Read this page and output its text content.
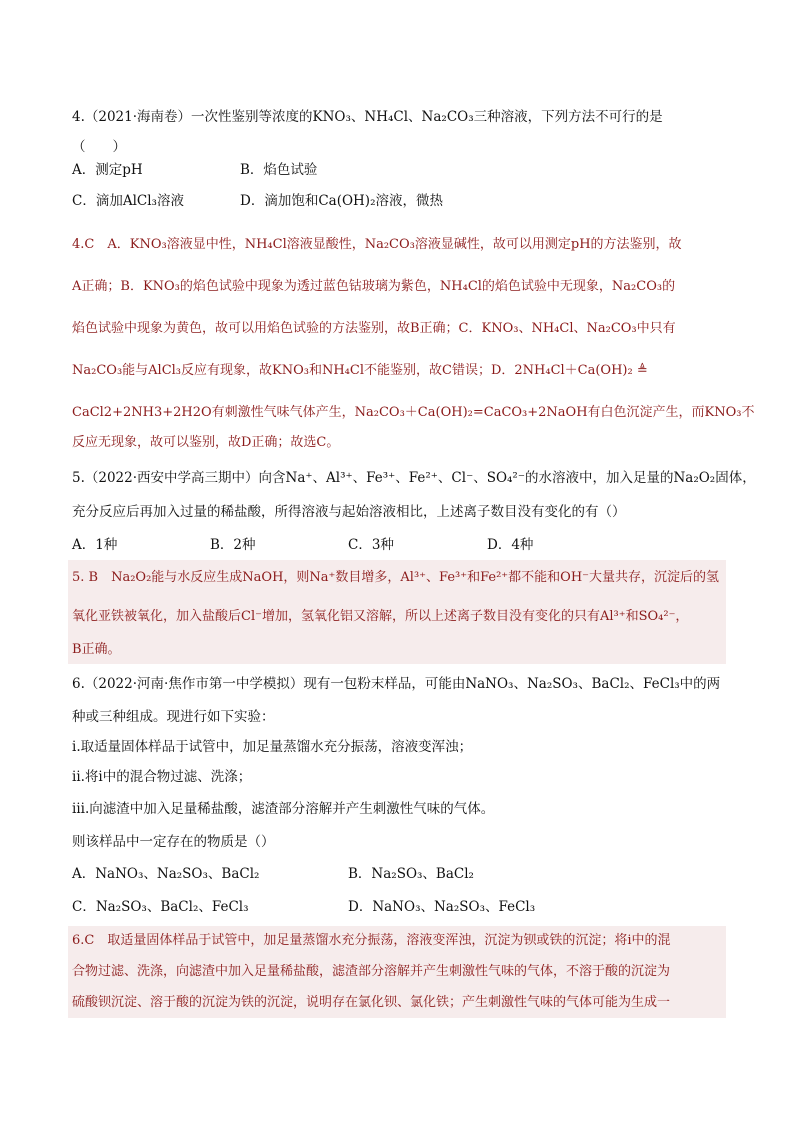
4.（2021·海南卷）一次性鉴别等浓度的KNO₃、NH₄Cl、Na₂CO₃三种溶液，下列方法不可行的是
（　　）
A．测定pH	B．焰色试验
C．滴加AlCl₃溶液	D．滴加饱和Ca(OH)₂溶液，微热
4.C　A．KNO₃溶液显中性，NH₄Cl溶液显酸性，Na₂CO₃溶液显碱性，故可以用测定pH的方法鉴别，故
A正确；B．KNO₃的焰色试验中现象为透过蓝色钴玻璃为紫色，NH₄Cl的焰色试验中无现象，Na₂CO₃的
焰色试验中现象为黄色，故可以用焰色试验的方法鉴别，故B正确；C．KNO₃、NH₄Cl、Na₂CO₃中只有
Na₂CO₃能与AlCl₃反应有现象，故KNO₃和NH₄Cl不能鉴别，故C错误；D．2NH₄Cl＋Ca(OH)₂ ≜
CaCl2+2NH3+2H2O有刺激性气味气体产生，Na₂CO₃＋Ca(OH)₂=CaCO₃+2NaOH有白色沉淀产生，而KNO₃不
反应无现象，故可以鉴别，故D正确；故选C。
5.（2022·西安中学高三期中）向含Na⁺、Al³⁺、Fe³⁺、Fe²⁺、Cl⁻、SO₄²⁻的水溶液中，加入足量的Na₂O₂固体，
充分反应后再加入过量的稀盐酸，所得溶液与起始溶液相比，上述离子数目没有变化的有（）
A．1种	B．2种	C．3种	D．4种
5. B　Na₂O₂能与水反应生成NaOH，则Na⁺数目增多，Al³⁺、Fe³⁺和Fe²⁺都不能和OH⁻大量共存，沉淀后的氢
氧化亚铁被氧化，加入盐酸后Cl⁻增加，氢氧化铝又溶解，所以上述离子数目没有变化的只有Al³⁺和SO₄²⁻，
B正确。
6.（2022·河南·焦作市第一中学模拟）现有一包粉末样品，可能由NaNO₃、Na₂SO₃、BaCl₂、FeCl₃中的两
种或三种组成。现进行如下实验：
ⅰ.取适量固体样品于试管中，加足量蒸馏水充分振荡，溶液变浑浊；
ⅱ.将ⅰ中的混合物过滤、洗涤；
ⅲ.向滤渣中加入足量稀盐酸，滤渣部分溶解并产生刺激性气味的气体。
则该样品中一定存在的物质是（）
A．NaNO₃、Na₂SO₃、BaCl₂	B．Na₂SO₃、BaCl₂
C．Na₂SO₃、BaCl₂、FeCl₃	D．NaNO₃、Na₂SO₃、FeCl₃
6.C　取适量固体样品于试管中，加足量蒸馏水充分振荡，溶液变浑浊，沉淀为钡或铁的沉淀；将ⅰ中的混
合物过滤、洗涤，向滤渣中加入足量稀盐酸，滤渣部分溶解并产生刺激性气味的气体，不溶于酸的沉淀为
硫酸钡沉淀、溶于酸的沉淀为铁的沉淀，说明存在氯化钡、氯化铁；产生刺激性气味的气体可能为生成一
